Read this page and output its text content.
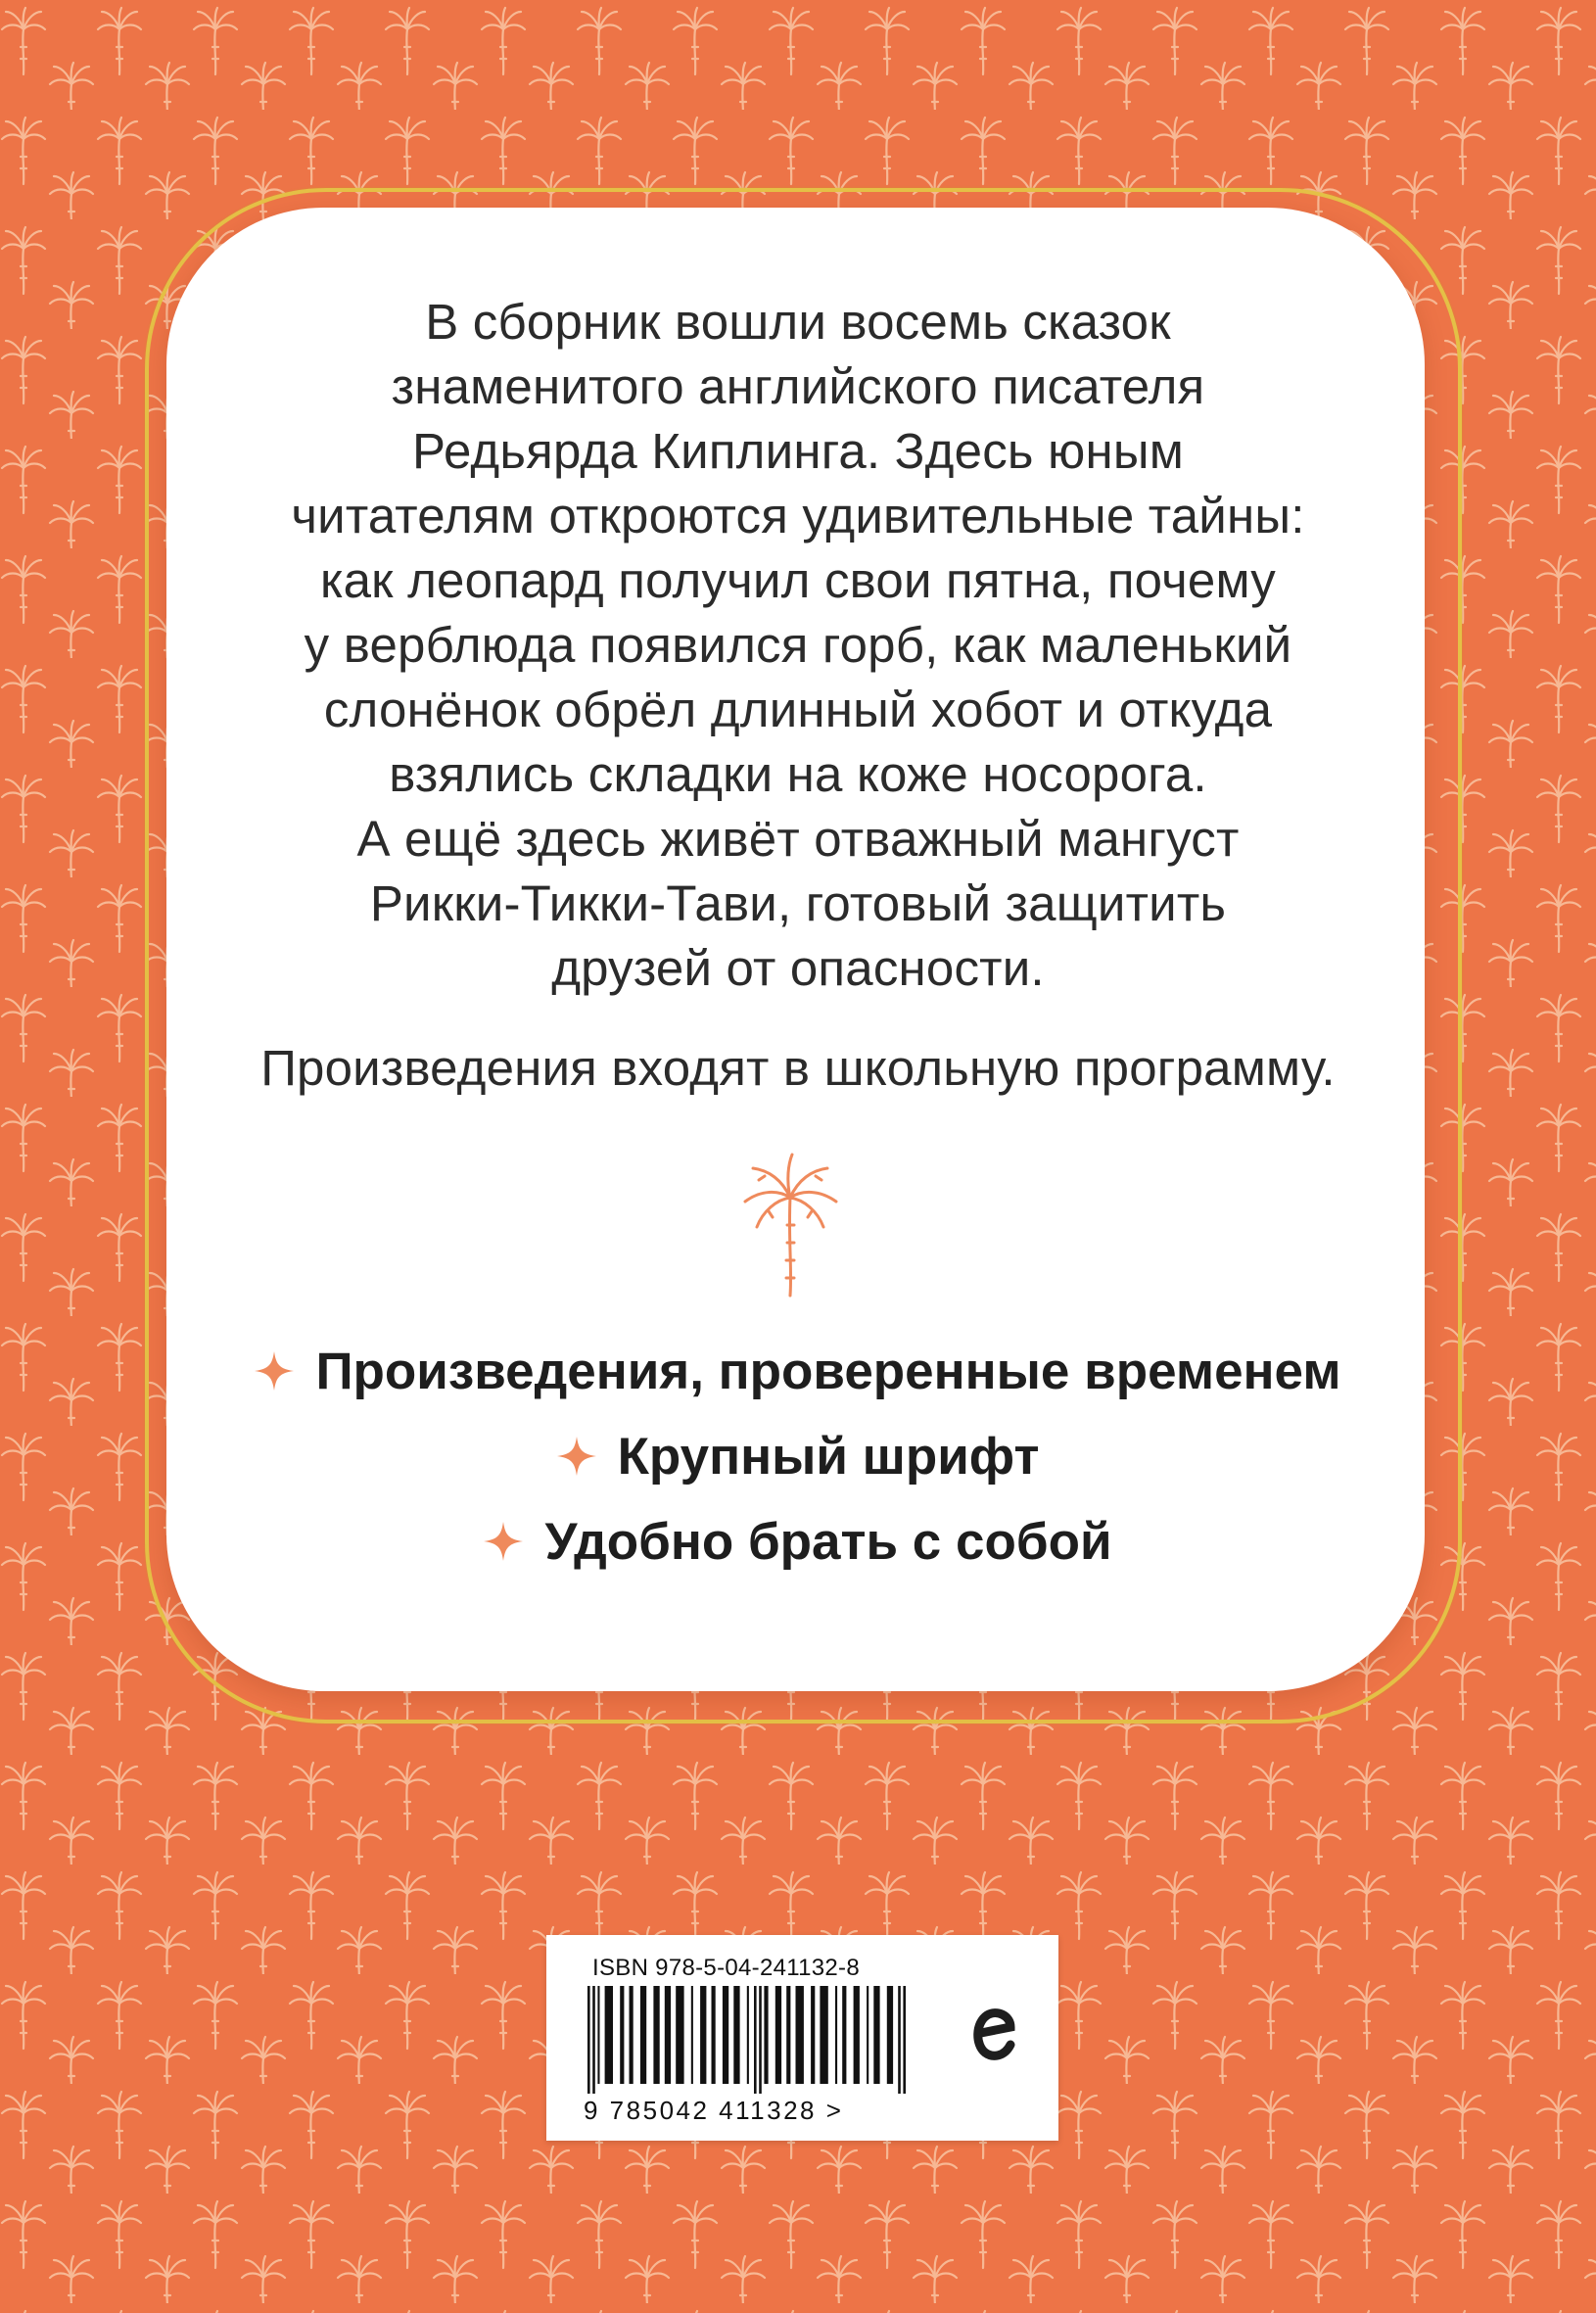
В сборник вошли восемь сказок
знаменитого английского писателя
Редьярда Киплинга. Здесь юным
читателям откроются удивительные тайны:
как леопард получил свои пятна, почему
у верблюда появился горб, как маленький
слонёнок обрёл длинный хобот и откуда
взялись складки на коже носорога.
А ещё здесь живёт отважный мангуст
Рикки-Тикки-Тави, готовый защитить
друзей от опасности.
Произведения входят в школьную программу.
Произведения, проверенные временем
Крупный шрифт
Удобно брать с собой
ISBN 978-5-04-241132-8
9 785042 411328 >
